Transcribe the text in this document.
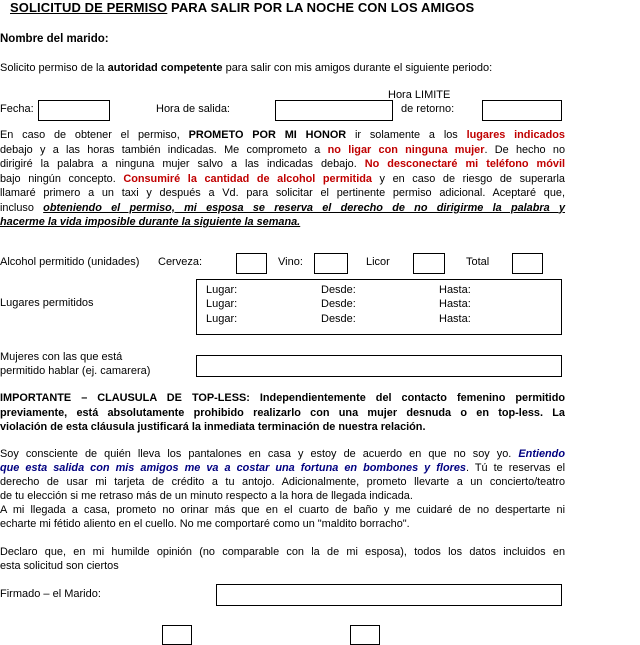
SOLICITUD DE PERMISO PARA SALIR POR LA NOCHE CON LOS AMIGOS
Nombre del marido:
Solicito permiso de la autoridad competente para salir con mis amigos durante el siguiente periodo:
Fecha:	Hora de salida:
Hora LIMITE
de retorno:
En caso de obtener el permiso, PROMETO POR MI HONOR ir solamente a los lugares indicados
debajo y a las horas también indicadas. Me comprometo a no ligar con ninguna mujer. De hecho no
dirigiré la palabra a ninguna mujer salvo a las indicadas debajo. No desconectaré mi teléfono móvil
bajo ningún concepto. Consumiré la cantidad de alcohol permitida y en caso de riesgo de superarla
llamaré primero a un taxi y después a Vd. para solicitar el pertinente permiso adicional. Aceptaré que,
incluso obteniendo el permiso, mi esposa se reserva el derecho de no dirigirme la palabra y
hacerme la vida imposible durante la siguiente la semana.
Alcohol permitido (unidades) Cerveza:	Vino:	Licor	Total
Lugares permitidos
Lugar:	Desde:	Hasta:
Lugar:	Desde:	Hasta:
Lugar:	Desde:	Hasta:
Mujeres con las que está
permitido hablar (ej. camarera)
IMPORTANTE – CLAUSULA DE TOP-LESS: Independientemente del contacto femenino permitido
previamente, está absolutamente prohibido realizarlo con una mujer desnuda o en top-less. La
violación de esta cláusula justificará la inmediata terminación de nuestra relación.
Soy consciente de quién lleva los pantalones en casa y estoy de acuerdo en que no soy yo. Entiendo
que esta salida con mis amigos me va a costar una fortuna en bombones y flores. Tú te reservas el
derecho de usar mi tarjeta de crédito a tu antojo. Adicionalmente, prometo llevarte a un concierto/teatro
de tu elección si me retraso más de un minuto respecto a la hora de llegada indicada.
A mi llegada a casa, prometo no orinar más que en el cuarto de baño y me cuidaré de no despertarte ni
echarte mi fétido aliento en el cuello. No me comportaré como un "maldito borracho".
Declaro que, en mi humilde opinión (no comparable con la de mi esposa), todos los datos incluidos en
esta solicitud son ciertos
Firmado – el Marido:
